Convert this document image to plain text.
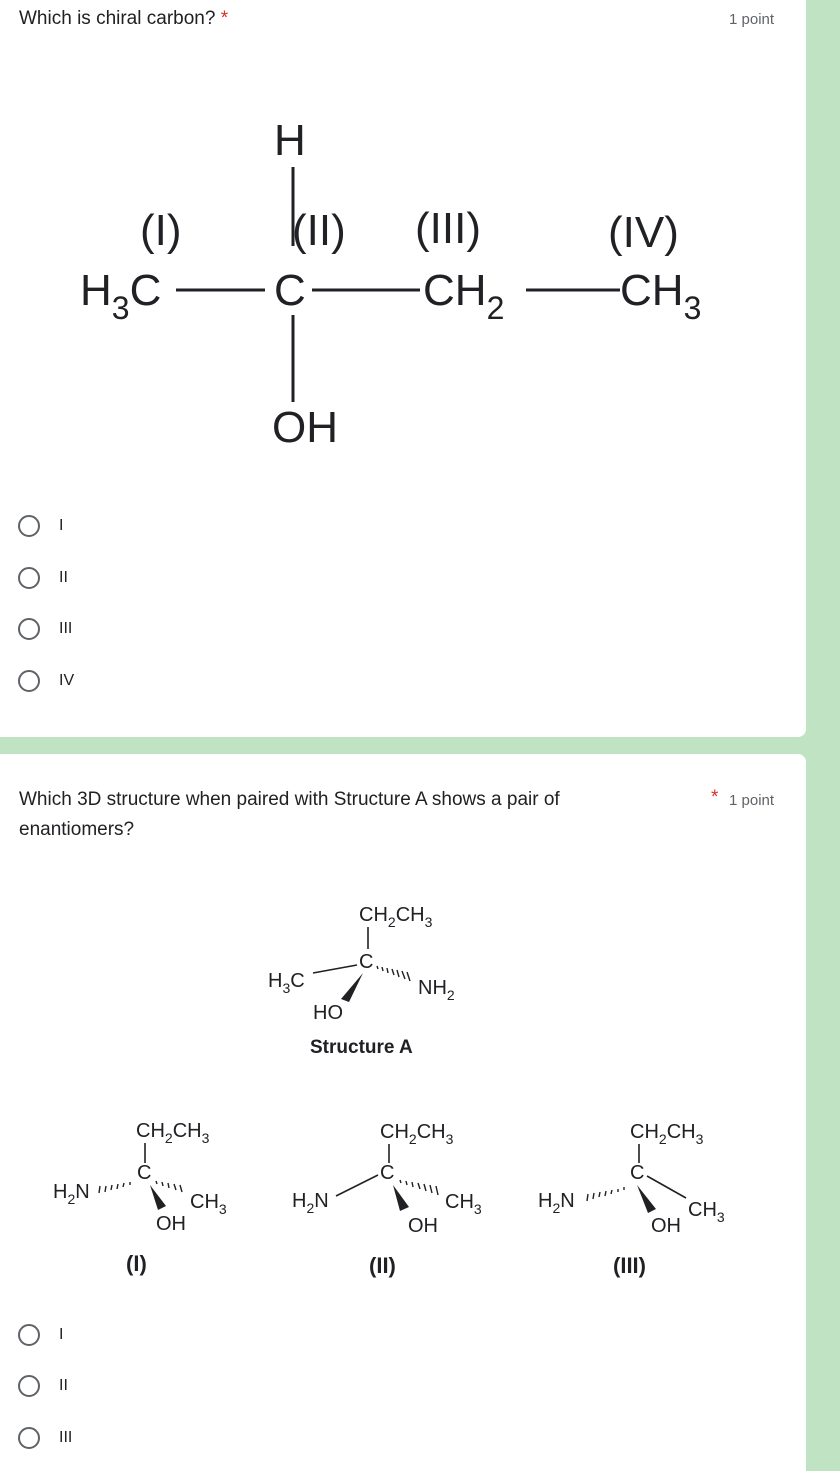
Which is chiral carbon? *	1 point
(I)	(II) (III)	(IV)
H
$H_3C$	C	$CH_2$	$CH_3$
OH
I
II
III
IV
Which 3D structure when paired with Structure A shows a pair of enantiomers?
* 1 point
$CH_2CH_3$
C
$H_3C$	$NH_2$
HO
Structure A
$CH_2CH_3$
C
$H_2N$	$CH_3$
OH
(I)
$CH_2CH_3$
C
$H_2N$	$CH_3$
OH
(II)
$CH_2CH_3$
C
$H_2N$	$CH_3$
OH
(III)
I
II
III
